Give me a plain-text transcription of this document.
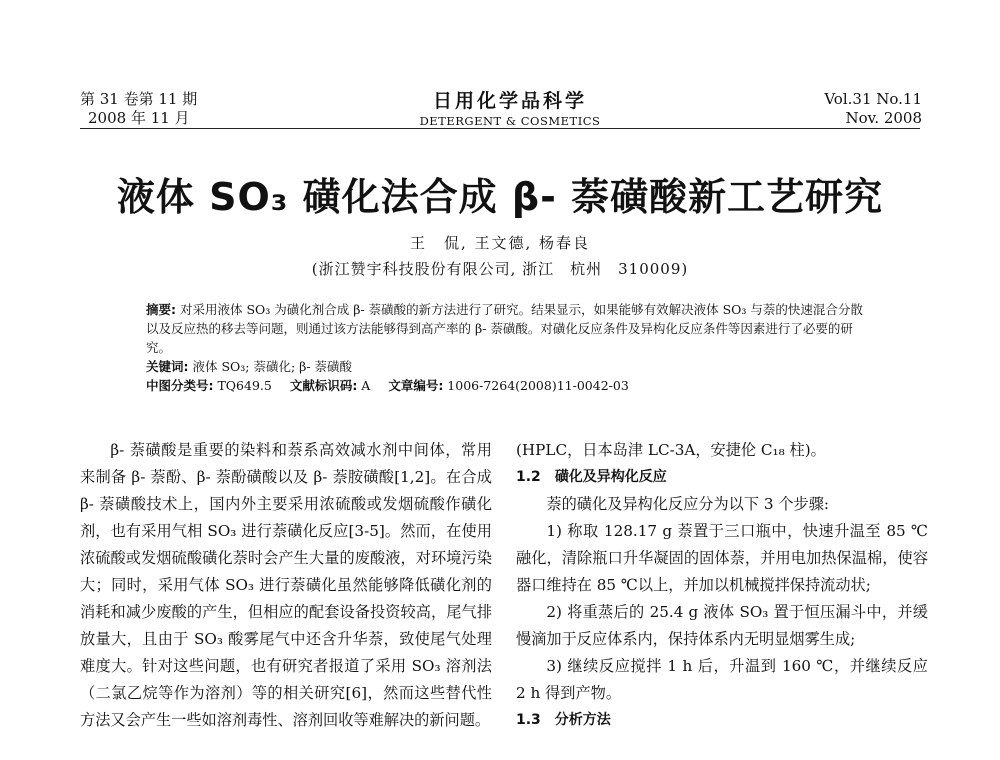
第 31 卷第 11 期
2008 年 11 月
日用化学品科学
DETERGENT & COSMETICS
Vol.31 No.11
Nov. 2008
液体 SO₃ 磺化法合成 β- 萘磺酸新工艺研究
王　侃, 王文德, 杨春良
(浙江赞宇科技股份有限公司, 浙江　杭州　310009)
摘要: 对采用液体 SO₃ 为磺化剂合成 β- 萘磺酸的新方法进行了研究。结果显示，如果能够有效解决液体 SO₃ 与萘的快速混合分散以及反应热的移去等问题，则通过该方法能够得到高产率的 β- 萘磺酸。对磺化反应条件及异构化反应条件等因素进行了必要的研究。
关键词: 液体 SO₃; 萘磺化; β- 萘磺酸
中图分类号: TQ649.5 文献标识码: A 文章编号: 1006-7264(2008)11-0042-03

β- 萘磺酸是重要的染料和萘系高效减水剂中间体，常用来制备 β- 萘酚、β- 萘酚磺酸以及 β- 萘胺磺酸[1,2]。在合成 β- 萘磺酸技术上，国内外主要采用浓硫酸或发烟硫酸作磺化剂，也有采用气相 SO₃ 进行萘磺化反应[3-5]。然而，在使用浓硫酸或发烟硫酸磺化萘时会产生大量的废酸液，对环境污染大；同时，采用气体 SO₃ 进行萘磺化虽然能够降低磺化剂的消耗和减少废酸的产生，但相应的配套设备投资较高，尾气排放量大，且由于 SO₃ 酸雾尾气中还含升华萘，致使尾气处理难度大。针对这些问题，也有研究者报道了采用 SO₃ 溶剂法（二氯乙烷等作为溶剂）等的相关研究[6]，然而这些替代性方法又会产生一些如溶剂毒性、溶剂回收等难解决的新问题。

(HPLC，日本岛津 LC-3A，安捷伦 C₁₈ 柱)。

1.2　 磺化及异构化反应

萘的磺化及异构化反应分为以下 3 个步骤:

1) 称取 128.17 g 萘置于三口瓶中，快速升温至 85 ℃融化，清除瓶口升华凝固的固体萘，并用电加热保温棉，使容器口维持在 85 ℃以上，并加以机械搅拌保持流动状;

2) 将重蒸后的 25.4 g 液体 SO₃ 置于恒压漏斗中，并缓慢滴加于反应体系内，保持体系内无明显烟雾生成;

3) 继续反应搅拌 1 h 后，升温到 160 ℃，并继续反应 2 h 得到产物。

1.3　分析方法
